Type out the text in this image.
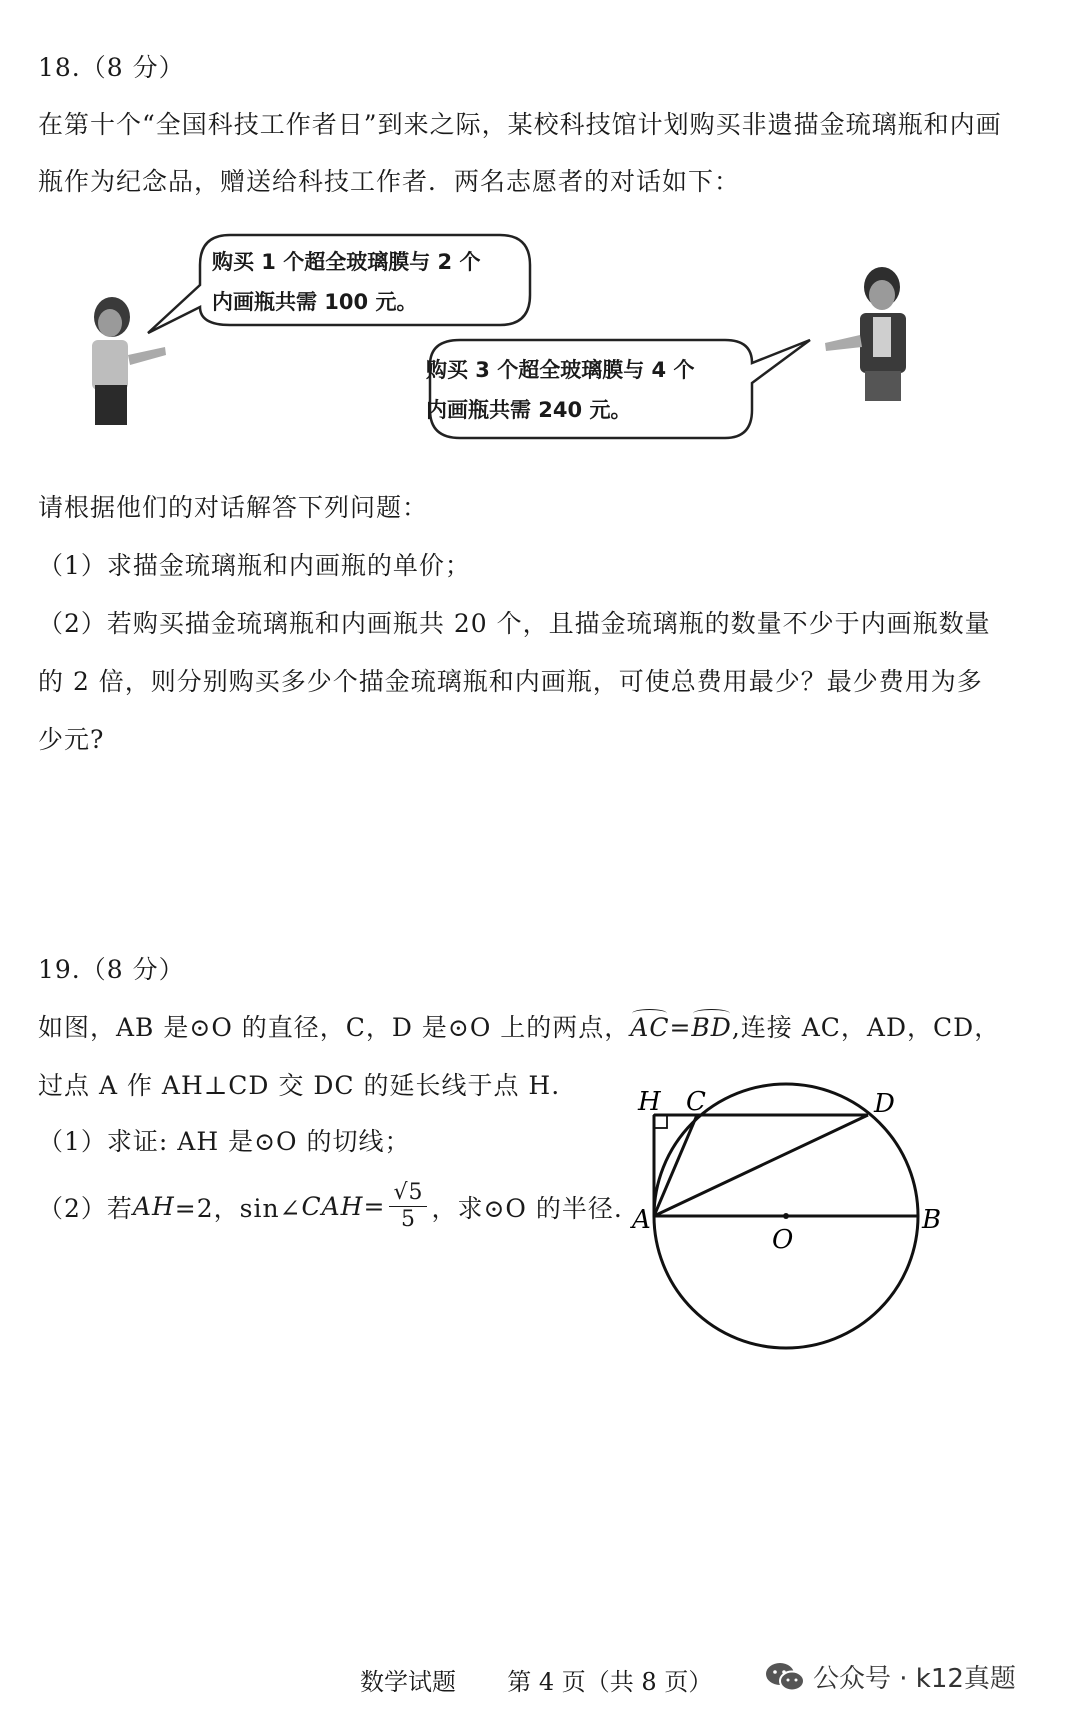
18.（8 分）
在第十个“全国科技工作者日”到来之际，某校科技馆计划购买非遗描金琉璃瓶和内画
瓶作为纪念品，赠送给科技工作者．两名志愿者的对话如下：
购买 1 个超全玻璃膜与 2 个
内画瓶共需 100 元。
购买 3 个超全玻璃膜与 4 个
内画瓶共需 240 元。
请根据他们的对话解答下列问题：
（1）求描金琉璃瓶和内画瓶的单价；
（2）若购买描金琉璃瓶和内画瓶共 20 个，且描金琉璃瓶的数量不少于内画瓶数量
的 2 倍，则分别购买多少个描金琉璃瓶和内画瓶，可使总费用最少？最少费用为多
少元?
19.（8 分）
如图，AB 是⊙O 的直径，C，D 是⊙O 上的两点，AC=BD,连接 AC，AD，CD，
过点 A 作 AH⊥CD 交 DC 的延长线于点 H.
（1）求证: AH 是⊙O 的切线；
（2）若 AH =2，sin∠ CAH = $\frac{√5}{5}$ ，求⊙O 的半径.
H C	D
A
O
B
数学试题 第 4 页（共 8 页）	公众号 · k12真题
